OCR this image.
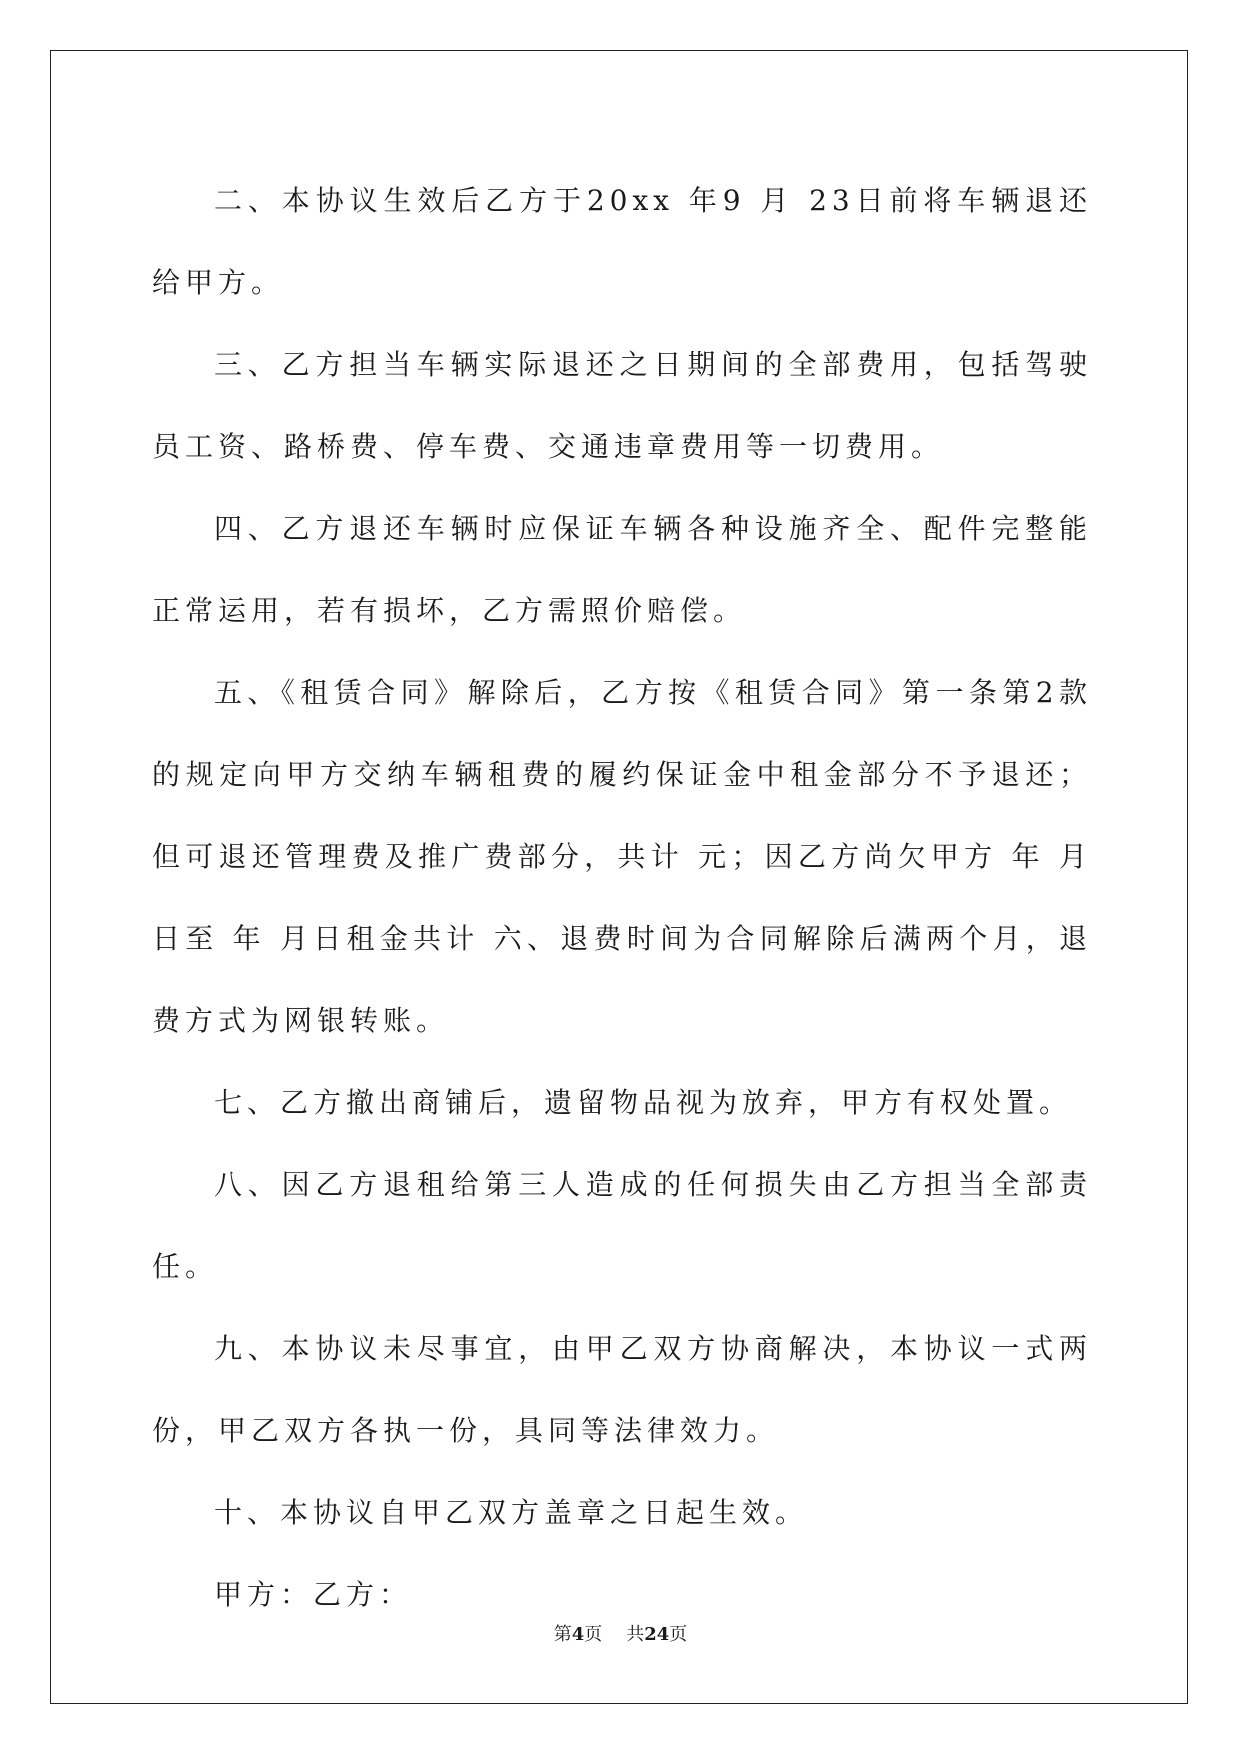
二、本协议生效后乙方于20xx 年9 月 23日前将车辆退还给甲方。

三、乙方担当车辆实际退还之日期间的全部费用，包括驾驶员工资、路桥费、停车费、交通违章费用等一切费用。

四、乙方退还车辆时应保证车辆各种设施齐全、配件完整能正常运用，若有损坏，乙方需照价赔偿。

五、《租赁合同》解除后，乙方按《租赁合同》第一条第2款的规定向甲方交纳车辆租费的履约保证金中租金部分不予退还；但可退还管理费及推广费部分，共计 元；因乙方尚欠甲方 年 月 日至 年 月日租金共计 六、退费时间为合同解除后满两个月，退费方式为网银转账。

七、乙方撤出商铺后，遗留物品视为放弃，甲方有权处置。

八、因乙方退租给第三人造成的任何损失由乙方担当全部责任。

九、本协议未尽事宜，由甲乙双方协商解决，本协议一式两份，甲乙双方各执一份，具同等法律效力。

十、本协议自甲乙双方盖章之日起生效。

甲方：乙方：

第4页 共24页
